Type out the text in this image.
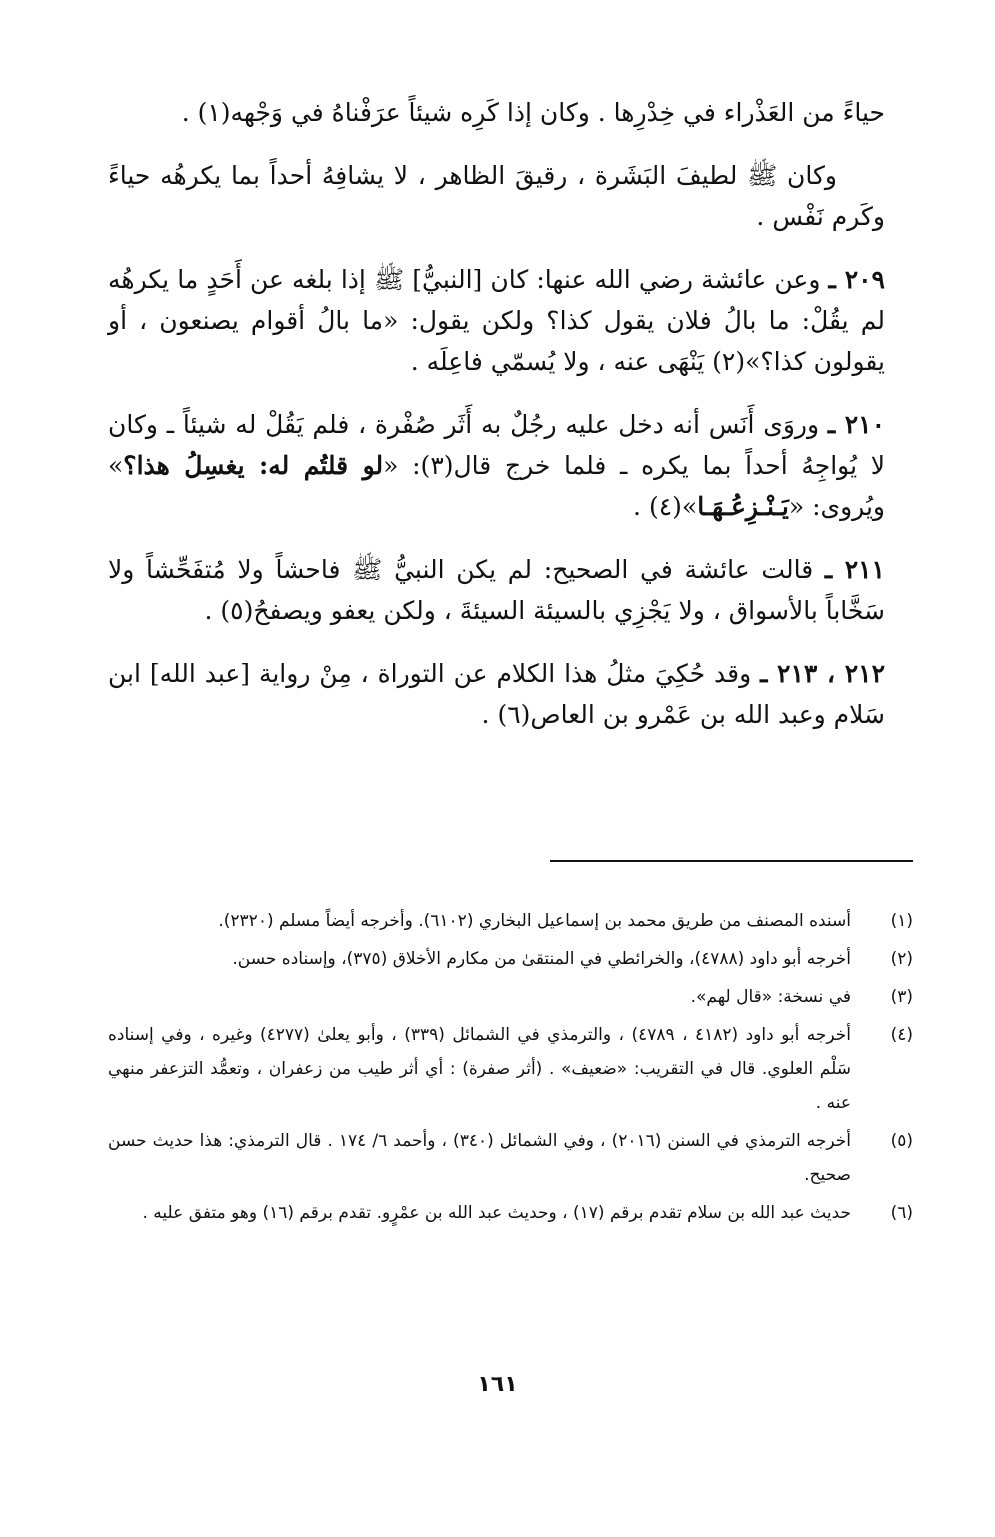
حياءً من العَذْراء في خِدْرِها . وكان إذا كَرِه شيئاً عرَفْناهُ في وَجْهه(١) .

وكان ﷺ لطيفَ البَشَرة ، رقيقَ الظاهر ، لا يشافِهُ أحداً بما يكرهُه حياءً وكَرم نَفْس .

٢٠٩ ـ وعن عائشة رضي الله عنها: كان [النبيُّ] ﷺ إذا بلغه عن أَحَدٍ ما يكرهُه لم يقُلْ: ما بالُ فلان يقول كذا؟ ولكن يقول: «ما بالُ أقوام يصنعون ، أو يقولون كذا؟»(٢) يَنْهَى عنه ، ولا يُسمّي فاعِلَه .

٢١٠ ـ وروَى أَنَس أنه دخل عليه رجُلٌ به أَثَر صُفْرة ، فلم يَقُلْ له شيئاً ـ وكان لا يُواجِهُ أحداً بما يكره ـ فلما خرج قال(٣): «لو قلتُم له: يغسِلُ هذا؟» ويُروى: «يَـنْـزِعُـهَـا»(٤) .

٢١١ ـ قالت عائشة في الصحيح: لم يكن النبيُّ ﷺ فاحشاً ولا مُتفَحِّشاً ولا سَخَّاباً بالأسواق ، ولا يَجْزِي بالسيئة السيئةَ ، ولكن يعفو ويصفحُ(٥) .

٢١٢ ، ٢١٣ ـ وقد حُكِيَ مثلُ هذا الكلام عن التوراة ، مِنْ رواية [عبد الله] ابن سَلام وعبد الله بن عَمْرو بن العاص(٦) .

(١)
أسنده المصنف من طريق محمد بن إسماعيل البخاري (٦١٠٢). وأخرجه أيضاً مسلم (٢٣٢٠).
(٢)
أخرجه أبو داود (٤٧٨٨)، والخرائطي في المنتقىٰ من مكارم الأخلاق (٣٧٥)، وإسناده حسن.
(٣)
في نسخة: «قال لهم».
(٤)
أخرجه أبو داود (٤١٨٢ ، ٤٧٨٩) ، والترمذي في الشمائل (٣٣٩) ، وأبو يعلىٰ (٤٢٧٧) وغيره ، وفي إسناده سَلْم العلوي. قال في التقريب: «ضعيف» . (أثر صفرة) : أي أثر طيب من زعفران ، وتعمُّد التزعفر منهي عنه .
(٥)
أخرجه الترمذي في السنن (٢٠١٦) ، وفي الشمائل (٣٤٠) ، وأحمد ٦/ ١٧٤ . قال الترمذي: هذا حديث حسن صحيح.
(٦)
حديث عبد الله بن سلام تقدم برقم (١٧) ، وحديث عبد الله بن عمْرٍو. تقدم برقم (١٦) وهو متفق عليه .
١٦١
